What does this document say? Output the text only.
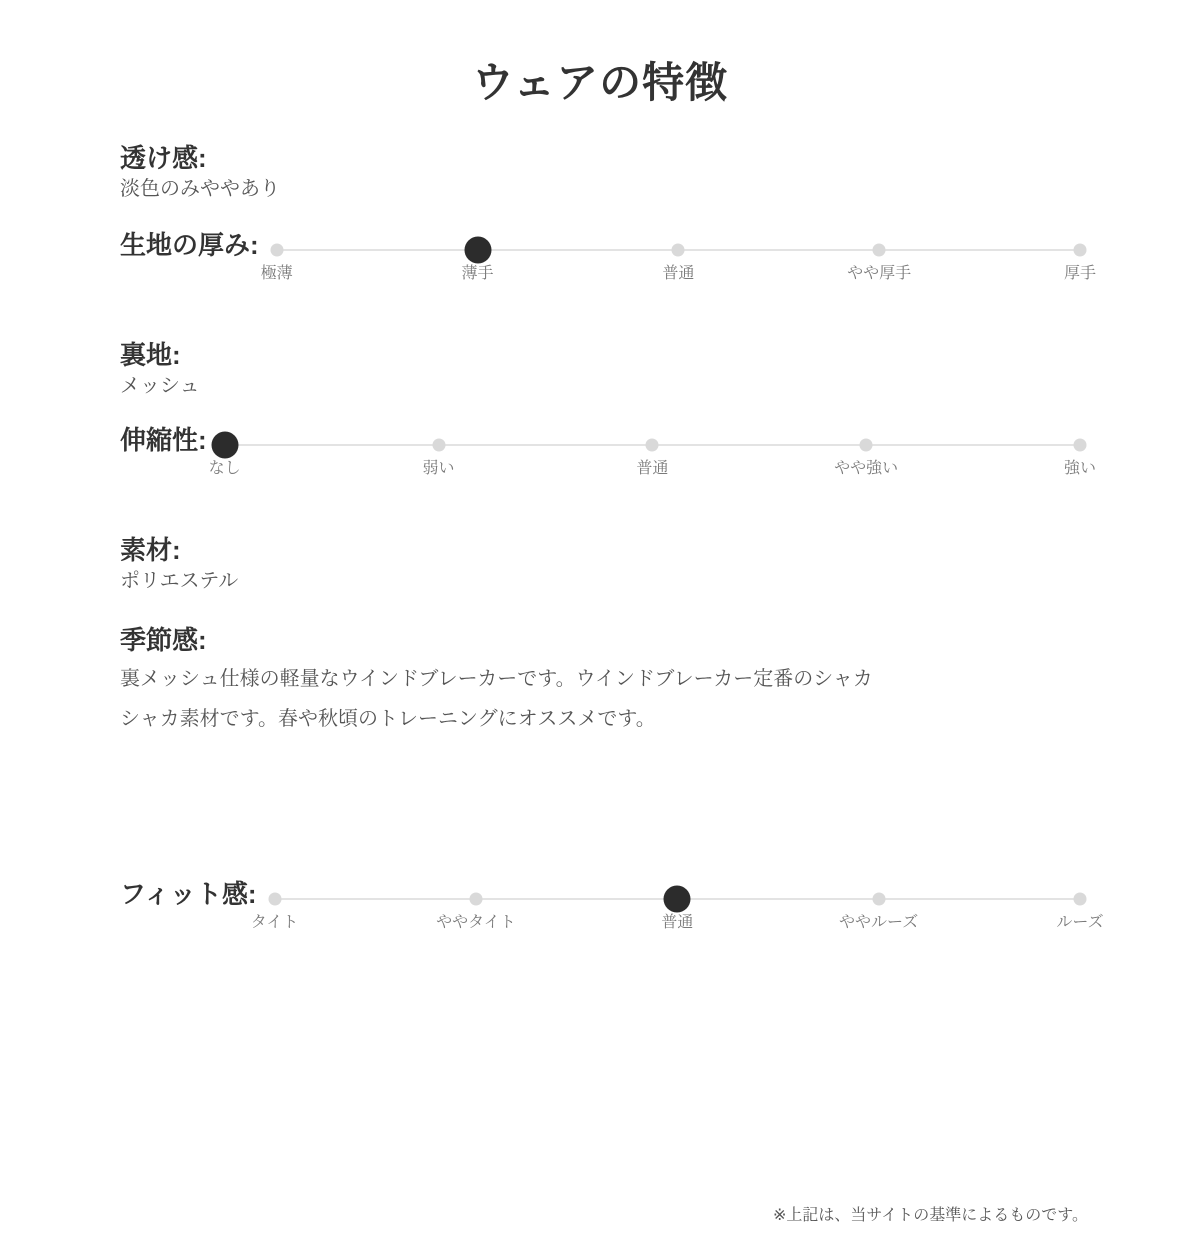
ウェアの特徴
透け感:

淡色のみややあり

生地の厚み:
極薄	薄手	普通	やや厚手	厚手
裏地:

メッシュ

伸縮性:
なし	弱い	普通	やや強い	強い
素材:

ポリエステル

季節感:

裏メッシュ仕様の軽量なウインドブレーカーです。ウインドブレーカー定番のシャカシャカ素材です。春や秋頃のトレーニングにオススメです。

フィット感:
タイト	ややタイト	普通	ややルーズ	ルーズ
※上記は、当サイトの基準によるものです。
